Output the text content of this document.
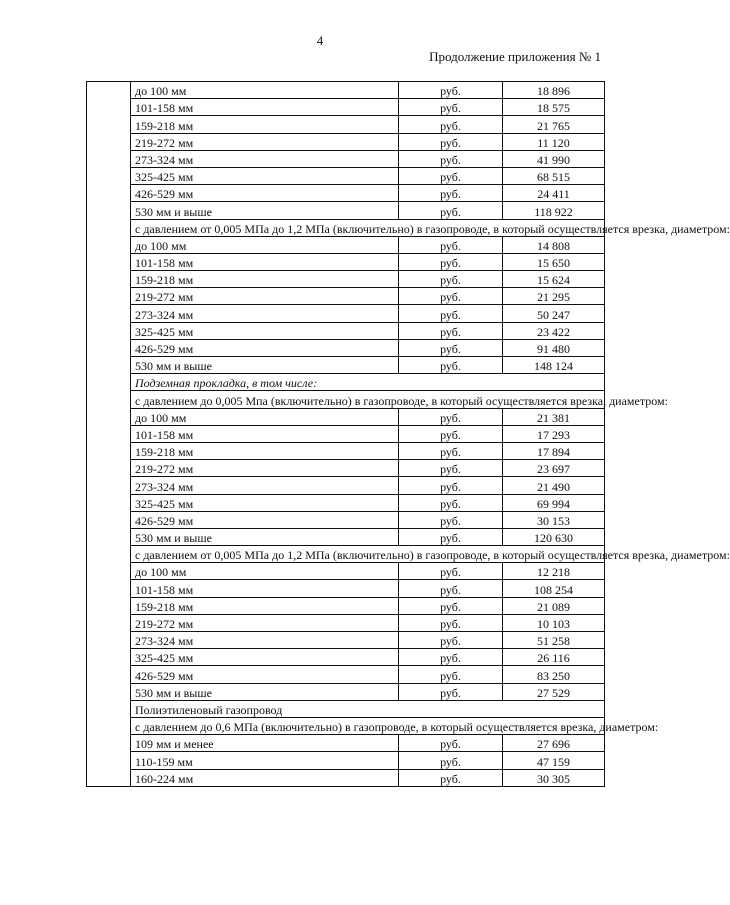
4
Продолжение приложения № 1
	до 100 мм	руб.	18 896
	101-158 мм	руб.	18 575
	159-218 мм	руб.	21 765
	219-272 мм	руб.	11 120
	273-324 мм	руб.	41 990
	325-425 мм	руб.	68 515
	426-529 мм	руб.	24 411
	530 мм и выше	руб.	118 922
	с давлением от 0,005 МПа до 1,2 МПа (включительно) в газопроводе, в который осуществляется врезка, диаметром:		
	до 100 мм	руб.	14 808
	101-158 мм	руб.	15 650
	159-218 мм	руб.	15 624
	219-272 мм	руб.	21 295
	273-324 мм	руб.	50 247
	325-425 мм	руб.	23 422
	426-529 мм	руб.	91 480
	530 мм и выше	руб.	148 124
	Подземная прокладка, в том числе:		
	с давлением до 0,005 Мпа (включительно) в газопроводе, в который осуществляется врезка, диаметром:		
	до 100 мм	руб.	21 381
	101-158 мм	руб.	17 293
	159-218 мм	руб.	17 894
	219-272 мм	руб.	23 697
	273-324 мм	руб.	21 490
	325-425 мм	руб.	69 994
	426-529 мм	руб.	30 153
	530 мм и выше	руб.	120 630
	с давлением от 0,005 МПа до 1,2 МПа (включительно) в газопроводе, в который осуществляется врезка, диаметром:		
	до 100 мм	руб.	12 218
	101-158 мм	руб.	108 254
	159-218 мм	руб.	21 089
	219-272 мм	руб.	10 103
	273-324 мм	руб.	51 258
	325-425 мм	руб.	26 116
	426-529 мм	руб.	83 250
	530 мм и выше	руб.	27 529
	Полиэтиленовый газопровод		
	с давлением до 0,6 МПа (включительно) в газопроводе, в который осуществляется врезка, диаметром:		
	109 мм и менее	руб.	27 696
	110-159 мм	руб.	47 159
	160-224 мм	руб.	30 305
